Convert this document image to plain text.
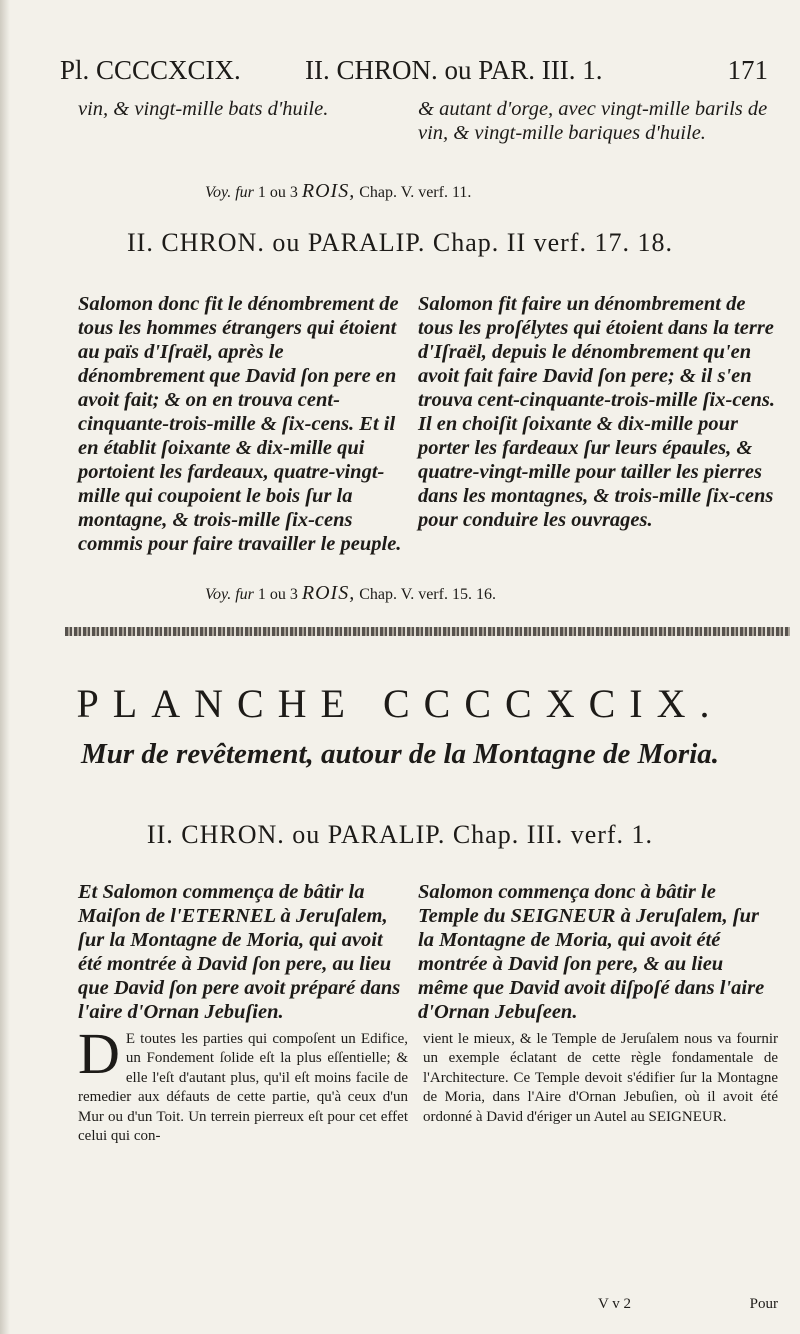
Pl. CCCCXCIX. II. CHRON. ou PAR. III. 1.	171
vin, & vingt-mille bats d'huile.	& autant d'orge, avec vingt-mille barils de vin, & vingt-mille bariques d'huile.
Voy. fur 1 ou 3 ROIS, Chap. V. verf. 11.
II. CHRON. ou PARALIP. Chap. II verf. 17. 18.
Salomon donc fit le dénombrement de tous les hommes étrangers qui étoient au païs d'Iſraël, après le dénombrement que David ſon pere en avoit fait; & on en trouva cent-cinquante-trois-mille & ſix-cens. Et il en établit ſoixante & dix-mille qui portoient les fardeaux, quatre-vingt-mille qui coupoient le bois ſur la montagne, & trois-mille ſix-cens commis pour faire travailler le peuple.
Salomon fit faire un dénombrement de tous les proſélytes qui étoient dans la terre d'Iſraël, depuis le dénombrement qu'en avoit fait faire David ſon pere; & il s'en trouva cent-cinquante-trois-mille ſix-cens. Il en choiſit ſoixante & dix-mille pour porter les fardeaux ſur leurs épaules, & quatre-vingt-mille pour tailler les pierres dans les montagnes, & trois-mille ſix-cens pour conduire les ouvrages.
Voy. fur 1 ou 3 ROIS, Chap. V. verf. 15. 16.
PLANCHE CCCCXCIX.
Mur de revêtement, autour de la Montagne de Moria.
II. CHRON. ou PARALIP. Chap. III. verf. 1.
Et Salomon commença de bâtir la Maiſon de l'ETERNEL à Jeruſalem, ſur la Montagne de Moria, qui avoit été montrée à David ſon pere, au lieu que David ſon pere avoit préparé dans l'aire d'Ornan Jebuſien.
Salomon commença donc à bâtir le Temple du SEIGNEUR à Jeruſalem, ſur la Montagne de Moria, qui avoit été montrée à David ſon pere, & au lieu même que David avoit diſpoſé dans l'aire d'Ornan Jebuſeen.
D E toutes les parties qui compoſent un Edifice, un Fondement ſolide eſt la plus eſſentielle; & elle l'eſt d'autant plus, qu'il eſt moins facile de remedier aux défauts de cette partie, qu'à ceux d'un Mur ou d'un Toit. Un terrein pierreux eſt pour cet effet celui qui con-
vient le mieux, & le Temple de Jeruſalem nous va fournir un exemple éclatant de cette règle fondamentale de l'Architecture. Ce Temple devoit s'édifier ſur la Montagne de Moria, dans l'Aire d'Ornan Jebuſien, où il avoit été ordonné à David d'ériger un Autel au SEIGNEUR.
V v 2	Pour
